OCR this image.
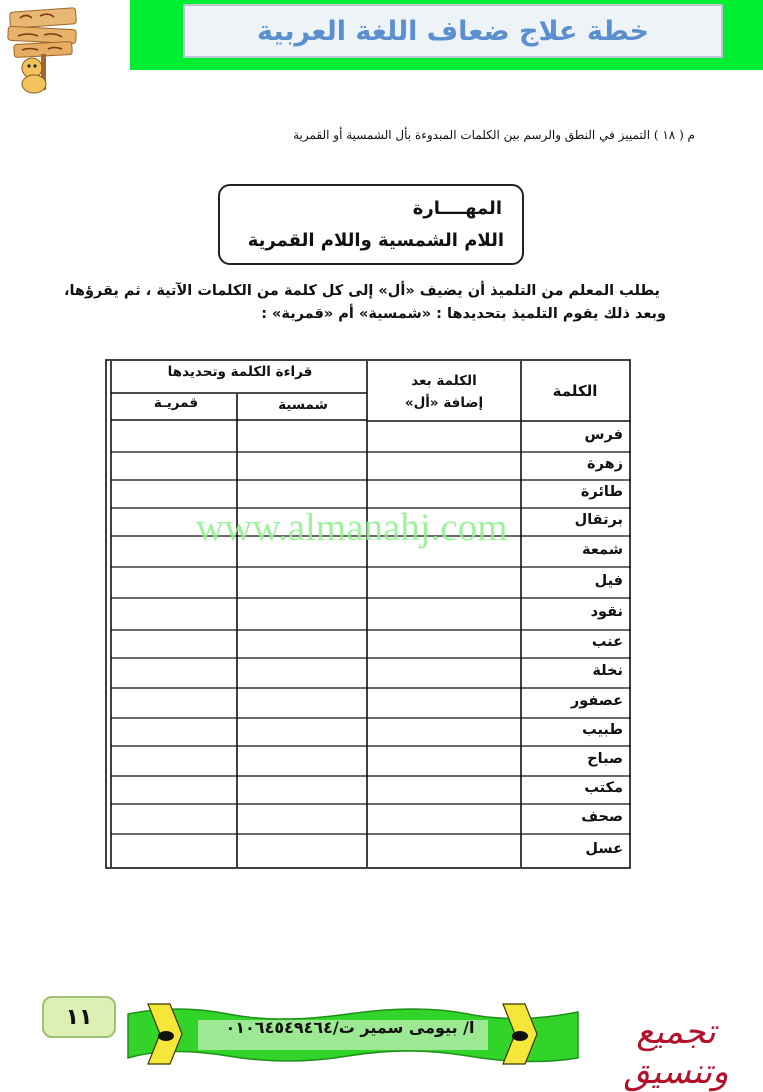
خطة علاج ضعاف اللغة العربية
م ( ١٨ ) التمييز في النطق والرسم بين الكلمات المبدوءة بأل الشمسية أو القمرية
المهــــارة
اللام الشمسية واللام القمرية
يطلب المعلم من التلميذ أن يضيف «أل» إلى كل كلمة من الكلمات الآتية ، ثم يقرؤها،
وبعد ذلك يقوم التلميذ بتحديدها : «شمسية» أم «قمرية» :
قراءة الكلمة وتحديدها
شمسية
قمريـة
الكلمة بعد
إضافة «أل»
الكلمة
فرس
زهرة
طائرة
برتقال
شمعة
فيل
نقود
عنب
نخلة
عصفور
طبيب
صباح
مكتب
صحف
عسل
www.almanahj.com
١١	ا/ بيومى سمير ت/٠١٠٦٤٥٤٩٤٦٤	تجميع وتنسيق
